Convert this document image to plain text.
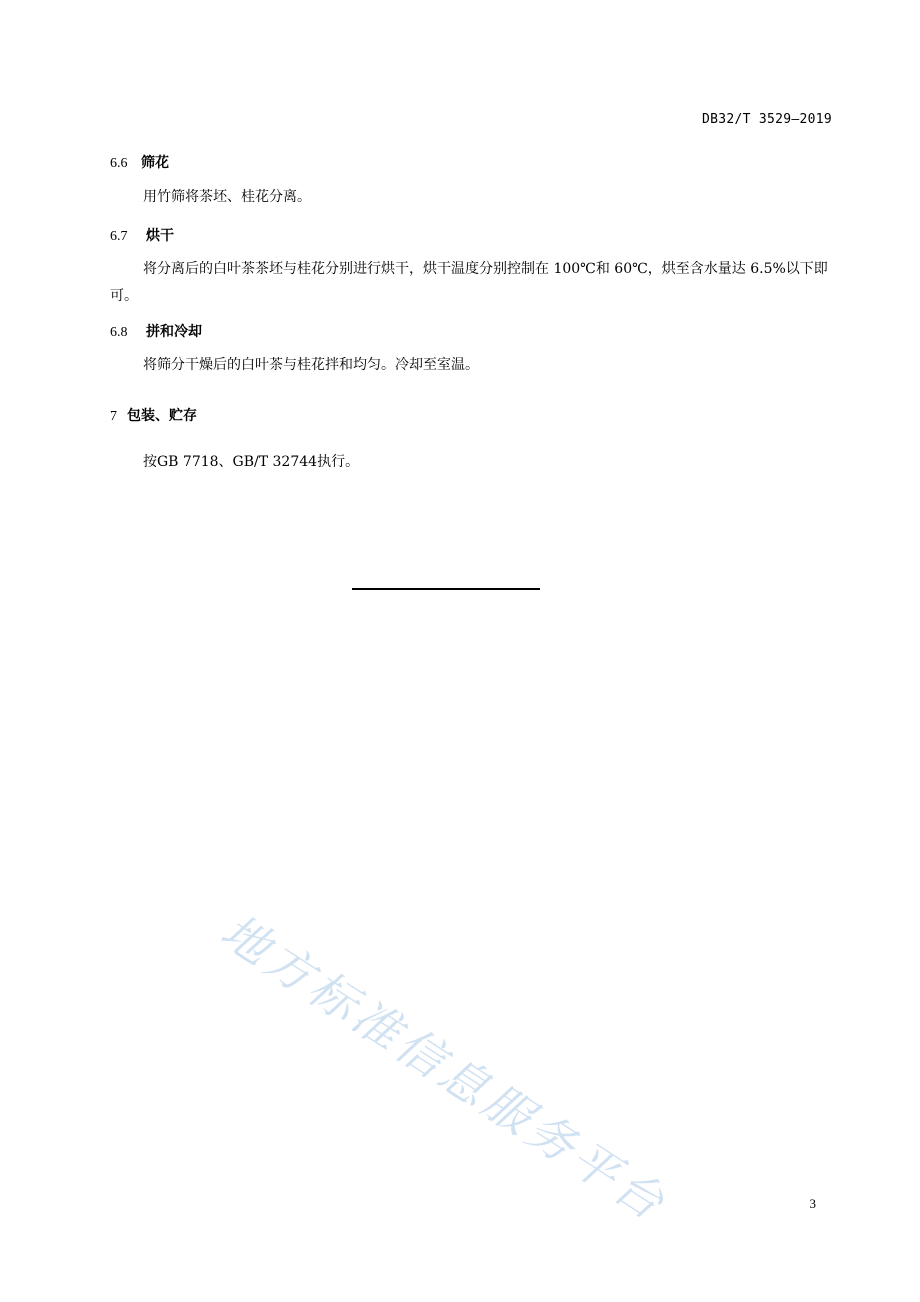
DB32/T 3529—2019
6.6 筛花
用竹筛将茶坯、桂花分离。
6.7 烘干
将分离后的白叶茶茶坯与桂花分别进行烘干，烘干温度分别控制在 100℃和 60℃，烘至含水量达 6.5%以下即可。
6.8 拼和冷却
将筛分干燥后的白叶茶与桂花拌和均匀。冷却至室温。
7 包装、贮存
按GB 7718、GB/T 32744执行。
地方标准信息服务平台	3
